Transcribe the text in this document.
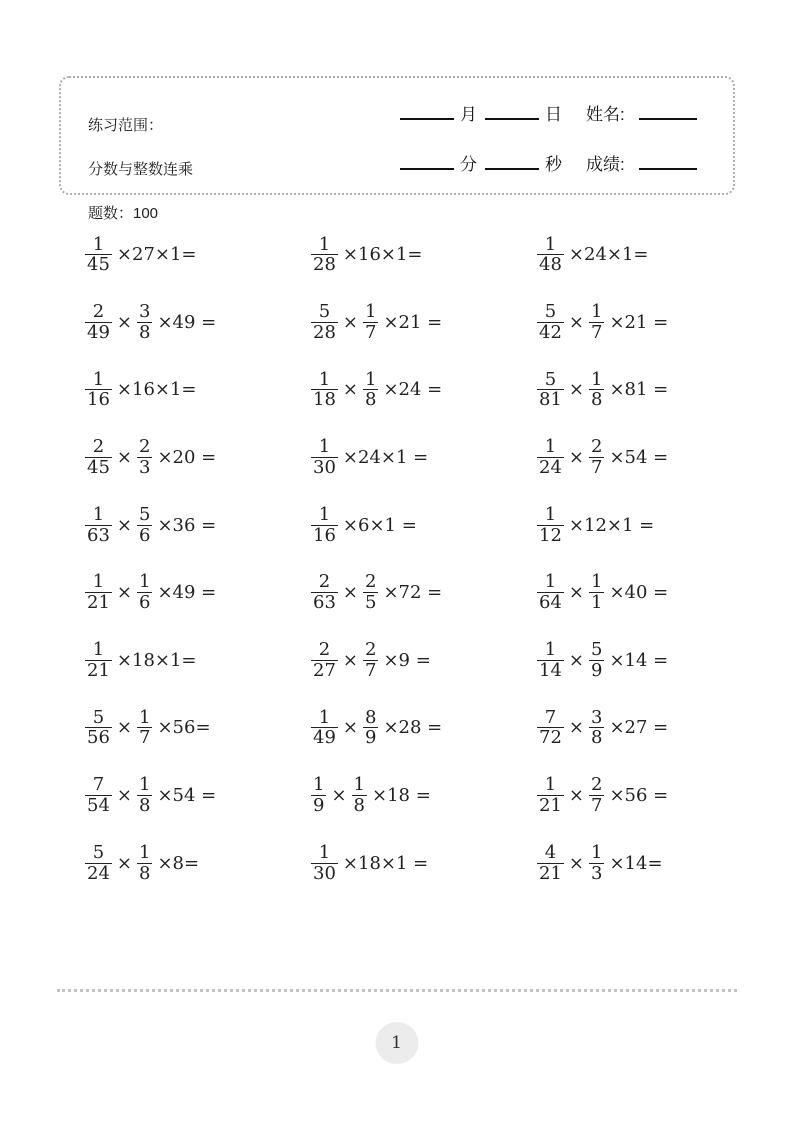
练习范围：

分数与整数连乘

题数：100

月	日 姓名:
分	秒 成绩:
$\frac{1}{45} \times 27\times 1=$	$\frac{1}{28} \times 16\times 1=$	$\frac{1}{48} \times 24\times 1=$
$\frac{2}{49} \times \frac{3}{8} \times 49$ =	$\frac{5}{28} \times \frac{1}{7} \times 21$ =	$\frac{5}{42} \times \frac{1}{7} \times 21$ =
$\frac{1}{16} \times 16\times 1=$	$\frac{1}{18} \times \frac{1}{8} \times 24$ =	$\frac{5}{81} \times \frac{1}{8} \times 81$ =
$\frac{2}{45} \times \frac{2}{3} \times 20$ =	$\frac{1}{30} \times 24\times 1$ =	$\frac{1}{24} \times \frac{2}{7} \times 54$ =
$\frac{1}{63} \times \frac{5}{6} \times 36$ =	$\frac{1}{16} \times 6\times 1$ =	$\frac{1}{12} \times 12\times 1$ =
$\frac{1}{21} \times \frac{1}{6} \times 49$ =	$\frac{2}{63} \times \frac{2}{5} \times 72$ =	$\frac{1}{64} \times \frac{1}{1} \times 40$ =
$\frac{1}{21} \times 18\times 1=$	$\frac{2}{27} \times \frac{2}{7} \times 9$ =	$\frac{1}{14} \times \frac{5}{9} \times 14$ =
$\frac{5}{56} \times \frac{1}{7} \times 56=$	$\frac{1}{49} \times \frac{8}{9} \times 28$ =	$\frac{7}{72} \times \frac{3}{8} \times 27$ =
$\frac{7}{54} \times \frac{1}{8} \times 54$ =	$\frac{1}{9} \times \frac{1}{8} \times 18$ =	$\frac{1}{21} \times \frac{2}{7} \times 56$ =
$\frac{5}{24} \times \frac{1}{8} \times 8=$	$\frac{1}{30} \times 18\times 1$ =	$\frac{4}{21} \times \frac{1}{3} \times 14=$
1
